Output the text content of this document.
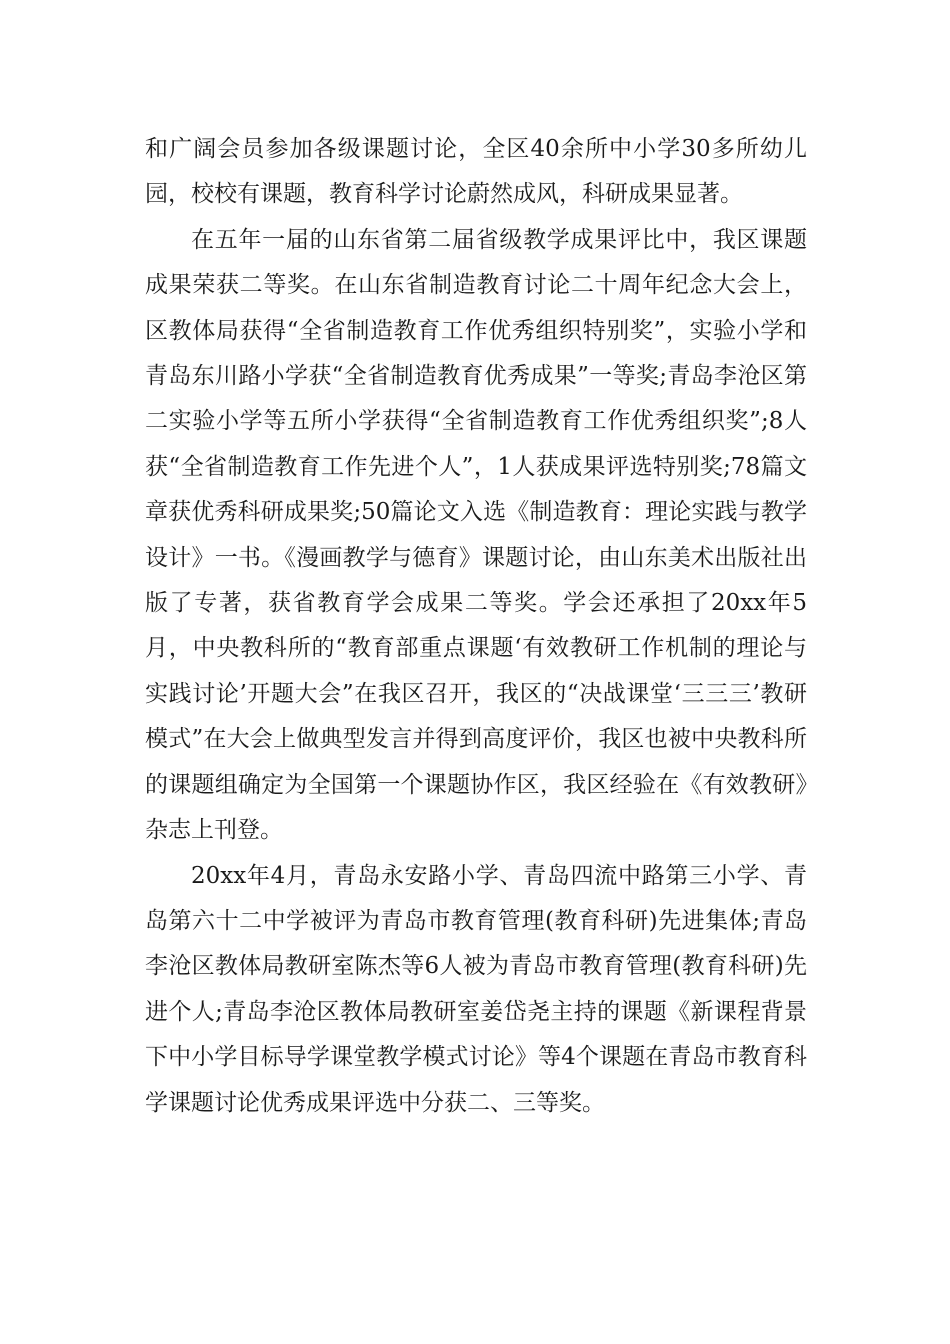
和广阔会员参加各级课题讨论，全区40余所中小学30多所幼儿园，校校有课题，教育科学讨论蔚然成风，科研成果显著。

在五年一届的山东省第二届省级教学成果评比中，我区课题成果荣获二等奖。在山东省制造教育讨论二十周年纪念大会上，区教体局获得“全省制造教育工作优秀组织特别奖”，实验小学和青岛东川路小学获“全省制造教育优秀成果”一等奖;青岛李沧区第二实验小学等五所小学获得“全省制造教育工作优秀组织奖”;8人获“全省制造教育工作先进个人”，1人获成果评选特别奖;78篇文章获优秀科研成果奖;50篇论文入选《制造教育：理论实践与教学设计》一书。《漫画教学与德育》课题讨论，由山东美术出版社出版了专著，获省教育学会成果二等奖。学会还承担了20xx年5月，中央教科所的“教育部重点课题‘有效教研工作机制的理论与实践讨论’开题大会”在我区召开，我区的“决战课堂‘三三三’教研模式”在大会上做典型发言并得到高度评价，我区也被中央教科所的课题组确定为全国第一个课题协作区，我区经验在《有效教研》杂志上刊登。

20xx年4月，青岛永安路小学、青岛四流中路第三小学、青岛第六十二中学被评为青岛市教育管理(教育科研)先进集体;青岛李沧区教体局教研室陈杰等6人被为青岛市教育管理(教育科研)先进个人;青岛李沧区教体局教研室姜岱尧主持的课题《新课程背景下中小学目标导学课堂教学模式讨论》等4个课题在青岛市教育科学课题讨论优秀成果评选中分获二、三等奖。
